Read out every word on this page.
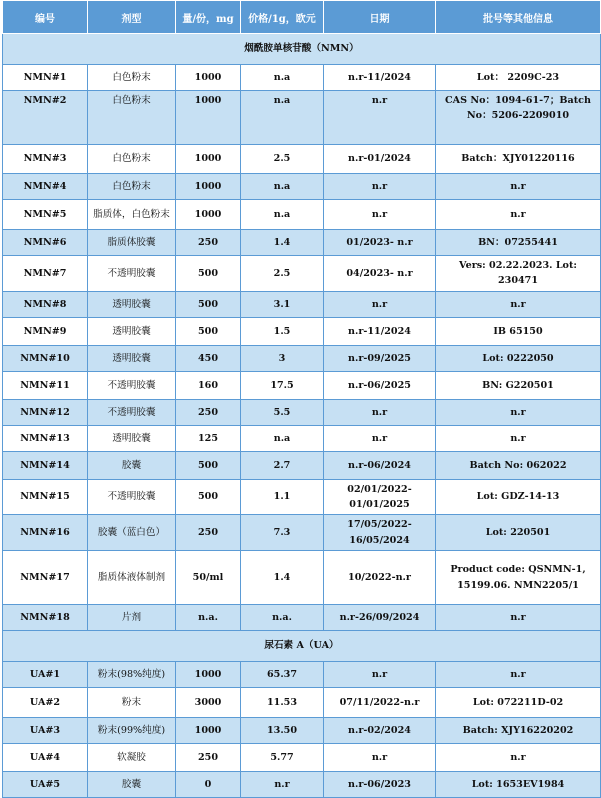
编号	剂型	量/份，mg	价格/1g，欧元	日期	批号等其他信息
烟酰胺单核苷酸（NMN）					
NMN#1	白色粉末	1000	n.a	n.r-11/2024	Lot： 2209C-23
NMN#2	白色粉末	1000	n.a	n.r	CAS No：1094-61-7；Batch No：5206-2209010
NMN#3	白色粉末	1000	2.5	n.r-01/2024	Batch：XJY01220116
NMN#4	白色粉末	1000	n.a	n.r	n.r
NMN#5	脂质体，白色粉末	1000	n.a	n.r	n.r
NMN#6	脂质体胶囊	250	1.4	01/2023- n.r	BN：07255441
NMN#7	不透明胶囊	500	2.5	04/2023- n.r	Vers: 02.22.2023. Lot: 230471
NMN#8	透明胶囊	500	3.1	n.r	n.r
NMN#9	透明胶囊	500	1.5	n.r-11/2024	IB 65150
NMN#10	透明胶囊	450	3	n.r-09/2025	Lot: 0222050
NMN#11	不透明胶囊	160	17.5	n.r-06/2025	BN: G220501
NMN#12	不透明胶囊	250	5.5	n.r	n.r
NMN#13	透明胶囊	125	n.a	n.r	n.r
NMN#14	胶囊	500	2.7	n.r-06/2024	Batch No: 062022
NMN#15	不透明胶囊	500	1.1	02/01/2022-01/01/2025	Lot: GDZ-14-13
NMN#16	胶囊（蓝白色）	250	7.3	17/05/2022-16/05/2024	Lot: 220501
NMN#17	脂质体液体制剂	50/ml	1.4	10/2022-n.r	Product code: QSNMN-1, 15199.06. NMN2205/1
NMN#18	片剂	n.a.	n.a.	n.r-26/09/2024	n.r
尿石素 A（UA）					
UA#1	粉末(98%纯度)	1000	65.37	n.r	n.r
UA#2	粉末	3000	11.53	07/11/2022-n.r	Lot: 072211D-02
UA#3	粉末(99%纯度)	1000	13.50	n.r-02/2024	Batch: XJY16220202
UA#4	软凝胶	250	5.77	n.r	n.r
UA#5	胶囊	0	n.r	n.r-06/2023	Lot: 1653EV1984
